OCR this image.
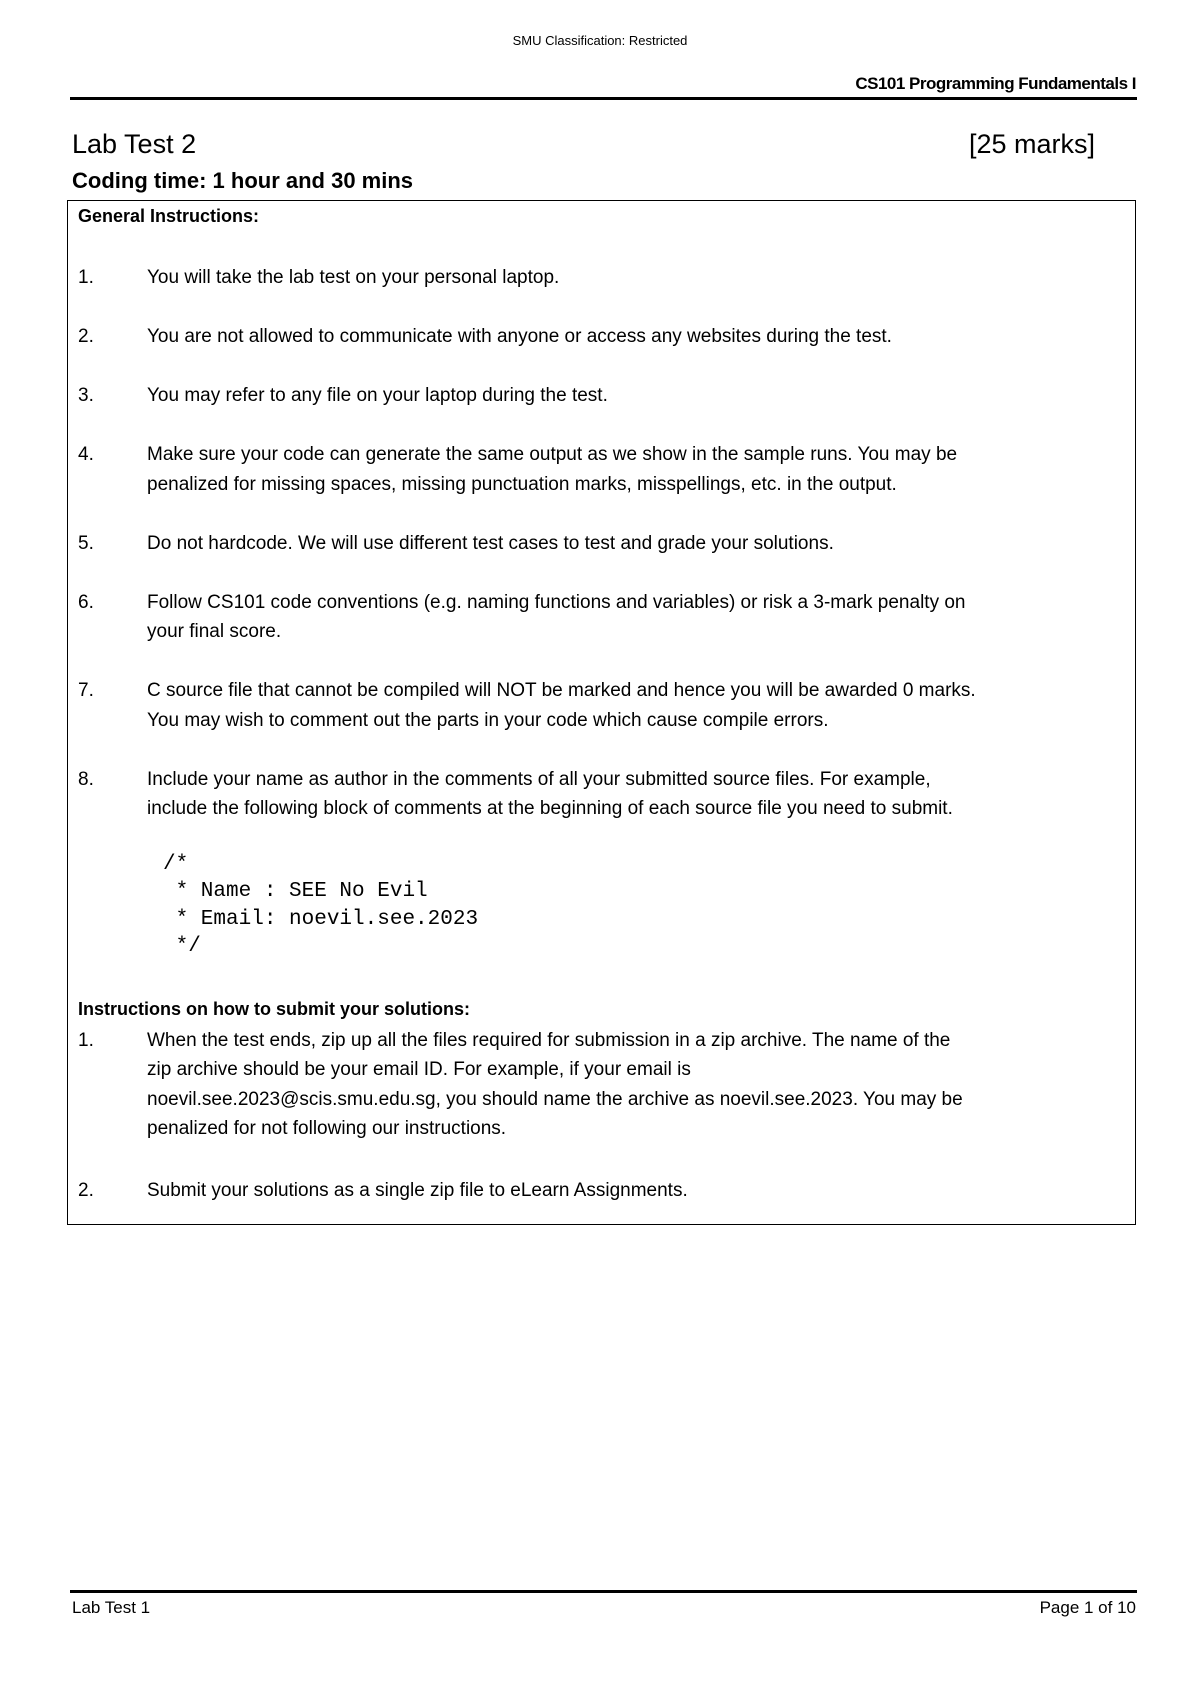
SMU Classification: Restricted
CS101 Programming Fundamentals I
Lab Test 2	[25 marks]
Coding time: 1 hour and 30 mins
General Instructions:
1.	You will take the lab test on your personal laptop.
2.	You are not allowed to communicate with anyone or access any websites during the test.
3.	You may refer to any file on your laptop during the test.
4.	Make sure your code can generate the same output as we show in the sample runs. You may be
penalized for missing spaces, missing punctuation marks, misspellings, etc. in the output.
5.	Do not hardcode. We will use different test cases to test and grade your solutions.
6.	Follow CS101 code conventions (e.g. naming functions and variables) or risk a 3-mark penalty on
your final score.
7.	C source file that cannot be compiled will NOT be marked and hence you will be awarded 0 marks.
You may wish to comment out the parts in your code which cause compile errors.
8.	Include your name as author in the comments of all your submitted source files. For example,
include the following block of comments at the beginning of each source file you need to submit.
/*
* Name : SEE No Evil
* Email: noevil.see.2023
*/
Instructions on how to submit your solutions:
1.	When the test ends, zip up all the files required for submission in a zip archive. The name of the
zip archive should be your email ID. For example, if your email is
noevil.see.2023@scis.smu.edu.sg, you should name the archive as noevil.see.2023. You may be
penalized for not following our instructions.
2.	Submit your solutions as a single zip file to eLearn Assignments.
Lab Test 1	Page 1 of 10
